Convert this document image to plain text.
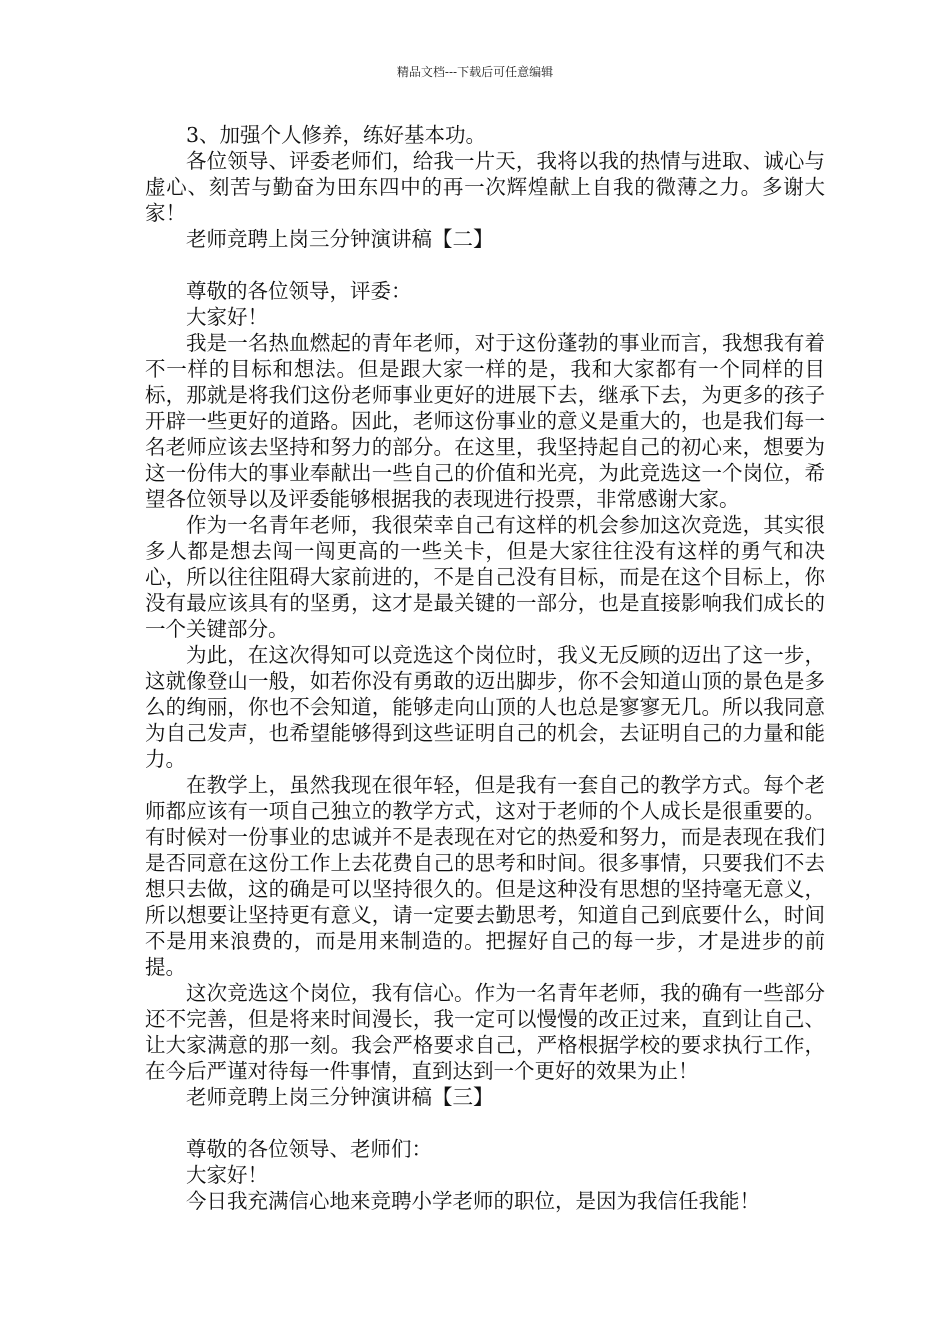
精品文档---下载后可任意编辑

3、加强个人修养，练好基本功。

各位领导、评委老师们，给我一片天，我将以我的热情与进取、诚心与虚心、刻苦与勤奋为田东四中的再一次辉煌献上自我的微薄之力。多谢大家！

老师竞聘上岗三分钟演讲稿【二】

尊敬的各位领导，评委：

大家好！

我是一名热血燃起的青年老师，对于这份蓬勃的事业而言，我想我有着不一样的目标和想法。但是跟大家一样的是，我和大家都有一个同样的目标，那就是将我们这份老师事业更好的进展下去，继承下去，为更多的孩子开辟一些更好的道路。因此，老师这份事业的意义是重大的，也是我们每一名老师应该去坚持和努力的部分。在这里，我坚持起自己的初心来，想要为这一份伟大的事业奉献出一些自己的价值和光亮，为此竞选这一个岗位，希望各位领导以及评委能够根据我的表现进行投票，非常感谢大家。

作为一名青年老师，我很荣幸自己有这样的机会参加这次竞选，其实很多人都是想去闯一闯更高的一些关卡，但是大家往往没有这样的勇气和决心，所以往往阻碍大家前进的，不是自己没有目标，而是在这个目标上，你没有最应该具有的坚勇，这才是最关键的一部分，也是直接影响我们成长的一个关键部分。

为此，在这次得知可以竞选这个岗位时，我义无反顾的迈出了这一步，这就像登山一般，如若你没有勇敢的迈出脚步，你不会知道山顶的景色是多么的绚丽，你也不会知道，能够走向山顶的人也总是寥寥无几。所以我同意为自己发声，也希望能够得到这些证明自己的机会，去证明自己的力量和能力。

在教学上，虽然我现在很年轻，但是我有一套自己的教学方式。每个老师都应该有一项自己独立的教学方式，这对于老师的个人成长是很重要的。有时候对一份事业的忠诚并不是表现在对它的热爱和努力，而是表现在我们是否同意在这份工作上去花费自己的思考和时间。很多事情，只要我们不去想只去做，这的确是可以坚持很久的。但是这种没有思想的坚持毫无意义，所以想要让坚持更有意义，请一定要去勤思考，知道自己到底要什么，时间不是用来浪费的，而是用来制造的。把握好自己的每一步，才是进步的前提。

这次竞选这个岗位，我有信心。作为一名青年老师，我的确有一些部分还不完善，但是将来时间漫长，我一定可以慢慢的改正过来，直到让自己、让大家满意的那一刻。我会严格要求自己，严格根据学校的要求执行工作，在今后严谨对待每一件事情，直到达到一个更好的效果为止！

老师竞聘上岗三分钟演讲稿【三】

尊敬的各位领导、老师们：

大家好！

今日我充满信心地来竞聘小学老师的职位，是因为我信任我能！
